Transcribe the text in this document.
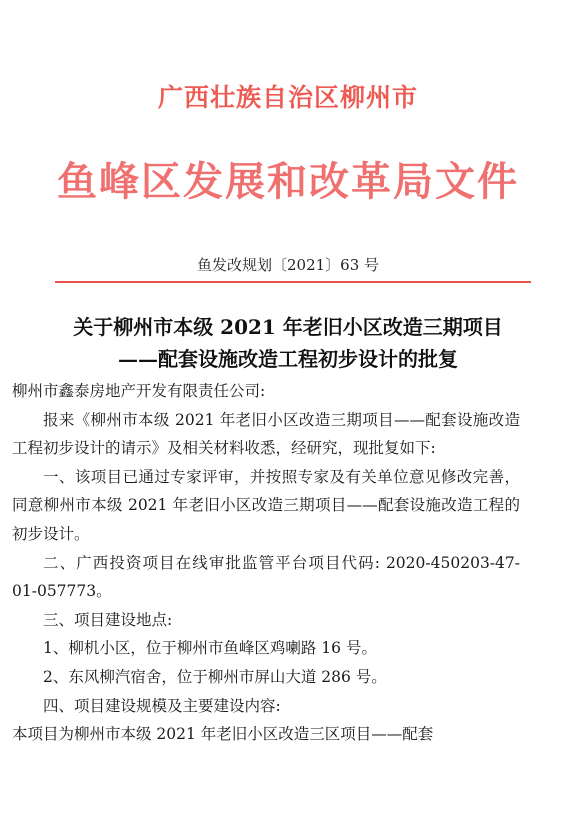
广西壮族自治区柳州市
鱼峰区发展和改革局文件
鱼发改规划〔2021〕63 号
关于柳州市本级 2021 年老旧小区改造三期项目
——配套设施改造工程初步设计的批复

柳州市鑫泰房地产开发有限责任公司:

报来《柳州市本级 2021 年老旧小区改造三期项目——配套设施改造工程初步设计的请示》及相关材料收悉，经研究，现批复如下:

一、该项目已通过专家评审，并按照专家及有关单位意见修改完善，同意柳州市本级 2021 年老旧小区改造三期项目——配套设施改造工程的初步设计。

二、广西投资项目在线审批监管平台项目代码: 2020-450203-47-01-057773。

三、项目建设地点:

1、柳机小区，位于柳州市鱼峰区鸡喇路 16 号。

2、东风柳汽宿舍，位于柳州市屏山大道 286 号。

四、项目建设规模及主要建设内容:

本项目为柳州市本级 2021 年老旧小区改造三区项目——配套
